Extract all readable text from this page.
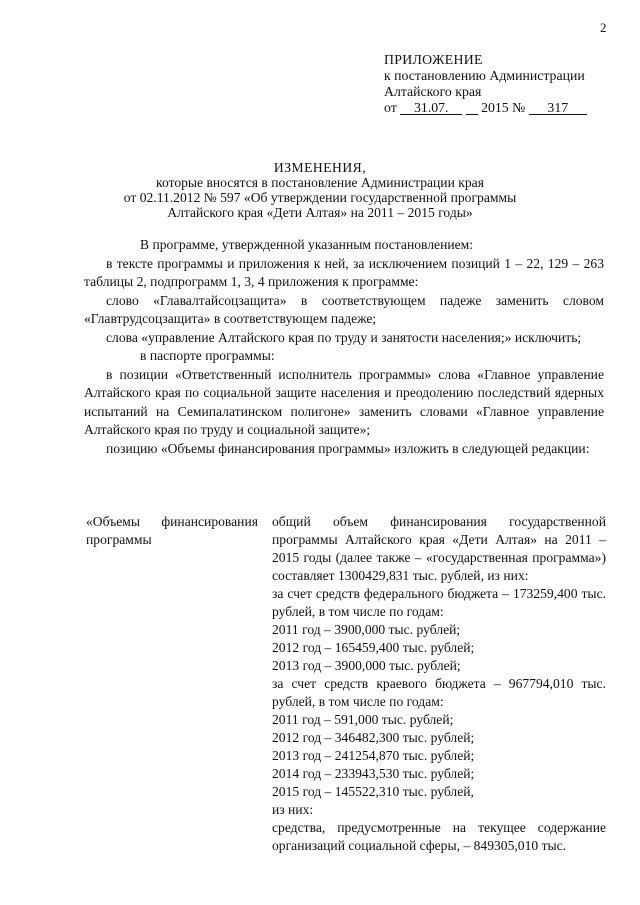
2
ПРИЛОЖЕНИЕ
к постановлению Администрации
Алтайского края
от 31.07. 2015 № 317
ИЗМЕНЕНИЯ,
которые вносятся в постановление Администрации края
от 02.11.2012 № 597 «Об утверждении государственной программы
Алтайского края «Дети Алтая» на 2011 – 2015 годы»

В программе, утвержденной указанным постановлением:

в тексте программы и приложения к ней, за исключением позиций 1 – 22, 129 – 263 таблицы 2, подпрограмм 1, 3, 4 приложения к программе:

слово «Главалтайсоцзащита» в соответствующем падеже заменить словом «Главтрудсоцзащита» в соответствующем падеже;

слова «управление Алтайского края по труду и занятости населения;» исключить;

в паспорте программы:

в позиции «Ответственный исполнитель программы» слова «Главное управление Алтайского края по социальной защите населения и преодолению последствий ядерных испытаний на Семипалатинском полигоне» заменить словами «Главное управление Алтайского края по труду и социальной защите»;

позицию «Объемы финансирования программы» изложить в следующей редакции:

«Объемы финансирования программы
общий объем финансирования государственной программы Алтайского края «Дети Алтая» на 2011 – 2015 годы (далее также – «государственная программа») составляет 1300429,831 тыс. рублей, из них:
за счет средств федерального бюджета – 173259,400 тыс. рублей, в том числе по годам:
2011 год – 3900,000 тыс. рублей;
2012 год – 165459,400 тыс. рублей;
2013 год – 3900,000 тыс. рублей;
за счет средств краевого бюджета – 967794,010 тыс. рублей, в том числе по годам:
2011 год – 591,000 тыс. рублей;
2012 год – 346482,300 тыс. рублей;
2013 год – 241254,870 тыс. рублей;
2014 год – 233943,530 тыс. рублей;
2015 год – 145522,310 тыс. рублей,
из них:
средства, предусмотренные на текущее содержание организаций социальной сферы, – 849305,010 тыс.
